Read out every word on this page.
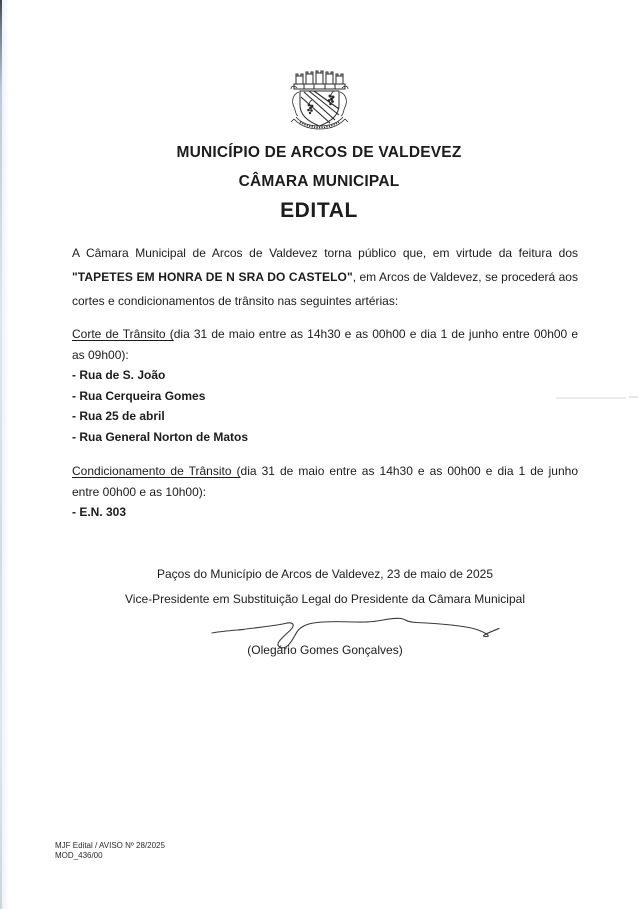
MUNICÍPIO DE ARCOS DE VALDEVEZ
CÂMARA MUNICIPAL
EDITAL

A Câmara Municipal de Arcos de Valdevez torna público que, em virtude da feitura dos "TAPETES EM HONRA DE N SRA DO CASTELO", em Arcos de Valdevez, se procederá aos cortes e condicionamentos de trânsito nas seguintes artérias:

Corte de Trânsito (dia 31 de maio entre as 14h30 e as 00h00 e dia 1 de junho entre 00h00 e as 09h00):

- Rua de S. João
- Rua Cerqueira Gomes
- Rua 25 de abril
- Rua General Norton de Matos

Condicionamento de Trânsito (dia 31 de maio entre as 14h30 e as 00h00 e dia 1 de junho entre 00h00 e as 10h00):

- E.N. 303
Paços do Município de Arcos de Valdevez, 23 de maio de 2025
Vice-Presidente em Substituição Legal do Presidente da Câmara Municipal
(Olegário Gomes Gonçalves)
MJF Edital / AVISO Nº 28/2025
MOD_436/00
